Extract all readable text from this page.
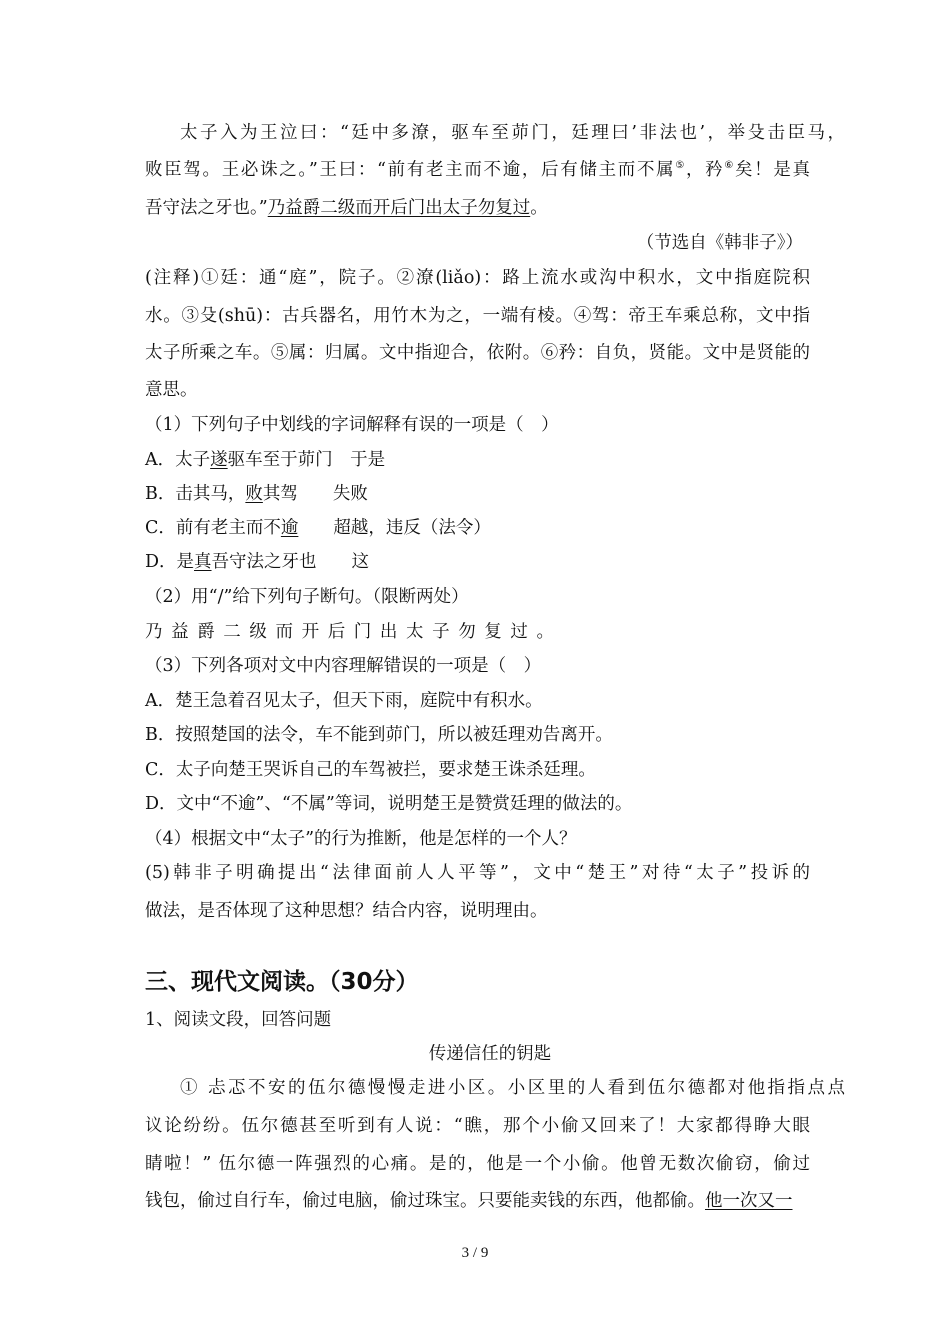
太子入为王泣曰：“廷中多潦，驱车至茆门，廷理曰’非法也’，举殳击臣马，
败臣驾。王必诛之。”王曰：“前有老主而不逾，后有储主而不属⑤，矜⑥矣！是真
吾守法之牙也。”乃益爵二级而开后门出太子勿复过。
（节选自《韩非子》）
(注释)①廷：通“庭”，院子。②潦(liǎo)：路上流水或沟中积水，文中指庭院积
水。③殳(shū)：古兵器名，用竹木为之，一端有棱。④驾：帝王车乘总称，文中指
太子所乘之车。⑤属：归属。文中指迎合，依附。⑥矜：自负，贤能。文中是贤能的
意思。
（1）下列句子中划线的字词解释有误的一项是（　）
A．太子遂驱车至于茆门　于是
B．击其马，败其驾　　失败
C．前有老主而不逾　　超越，违反（法令）
D．是真吾守法之牙也　　这
（2）用“/”给下列句子断句。（限断两处）
乃益爵二级而开后门出太子勿复过。
（3）下列各项对文中内容理解错误的一项是（　）
A．楚王急着召见太子，但天下雨，庭院中有积水。
B．按照楚国的法令，车不能到茆门，所以被廷理劝告离开。
C．太子向楚王哭诉自己的车驾被拦，要求楚王诛杀廷理。
D．文中“不逾”、“不属”等词，说明楚王是赞赏廷理的做法的。
（4）根据文中“太子”的行为推断，他是怎样的一个人？
(5)韩非子明确提出“法律面前人人平等”，文中“楚王”对待“太子”投诉的
做法，是否体现了这种思想？结合内容，说明理由。
三、现代文阅读。（30分）
1、阅读文段，回答问题
传递信任的钥匙
① 忐忑不安的伍尔德慢慢走进小区。小区里的人看到伍尔德都对他指指点点
议论纷纷。伍尔德甚至听到有人说：“瞧，那个小偷又回来了！大家都得睁大眼
睛啦！” 伍尔德一阵强烈的心痛。是的，他是一个小偷。他曾无数次偷窃，偷过
钱包，偷过自行车，偷过电脑，偷过珠宝。只要能卖钱的东西，他都偷。他一次又一
3 / 9
